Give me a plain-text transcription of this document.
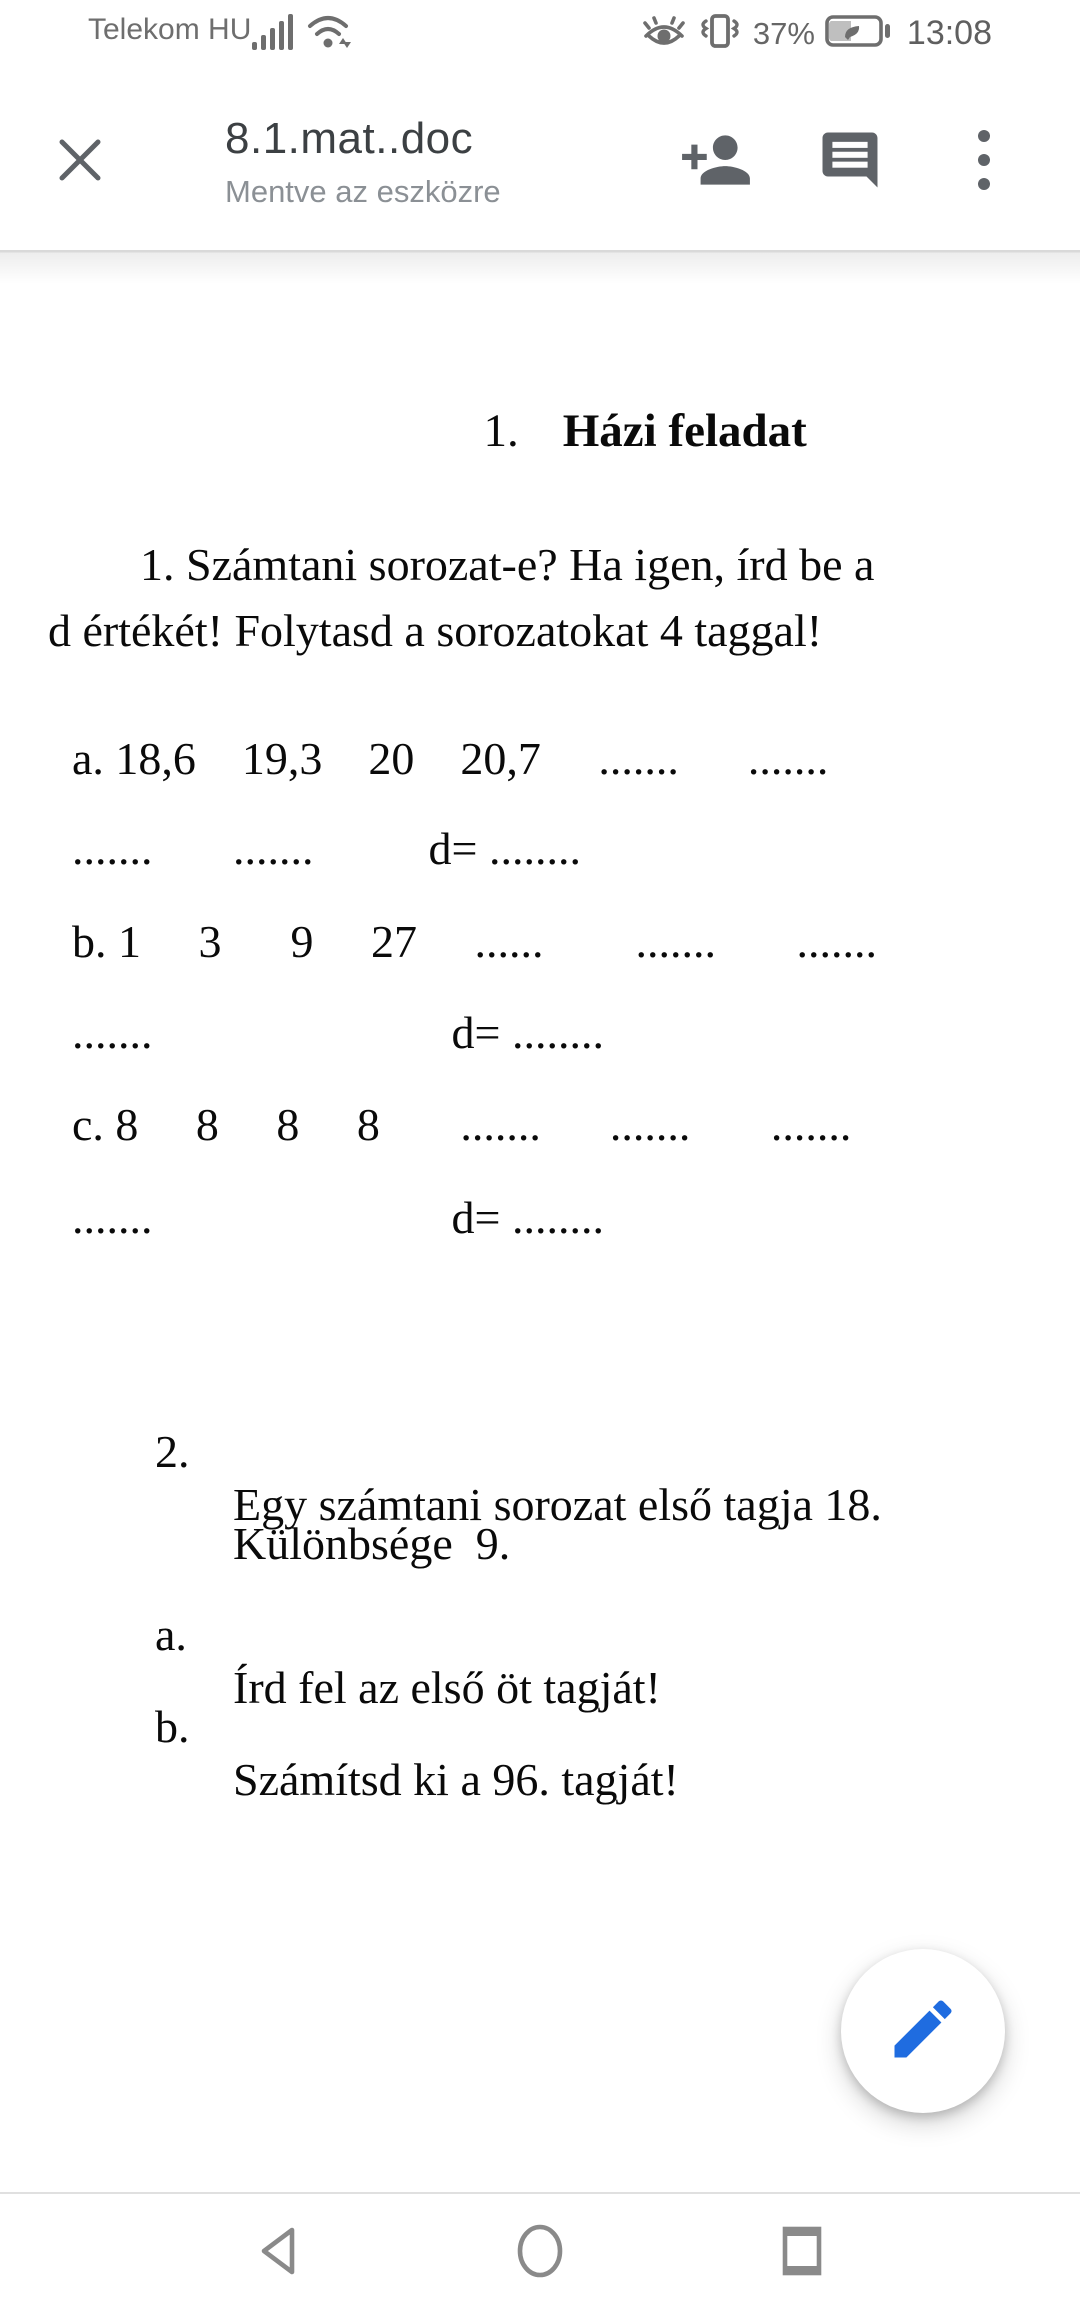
Telekom HU	37%	13:08
8.1.mat..doc
Mentve az eszközre

1. Házi feladat

1. Számtani sorozat-e? Ha igen, írd be a
d értékét! Folytasd a sorozatokat 4 taggal!
a. 18,6    19,3    20    20,7     .......      .......
.......       .......          d= ........
b. 1     3      9     27     ......        .......       .......
.......                          d= ........
c. 8     8     8     8       .......      .......       .......
.......                          d= ........

2.

Egy számtani sorozat első tagja 18.

Különbsége  9.

a.

Írd fel az első öt tagját!

b.

Számítsd ki a 96. tagját!
